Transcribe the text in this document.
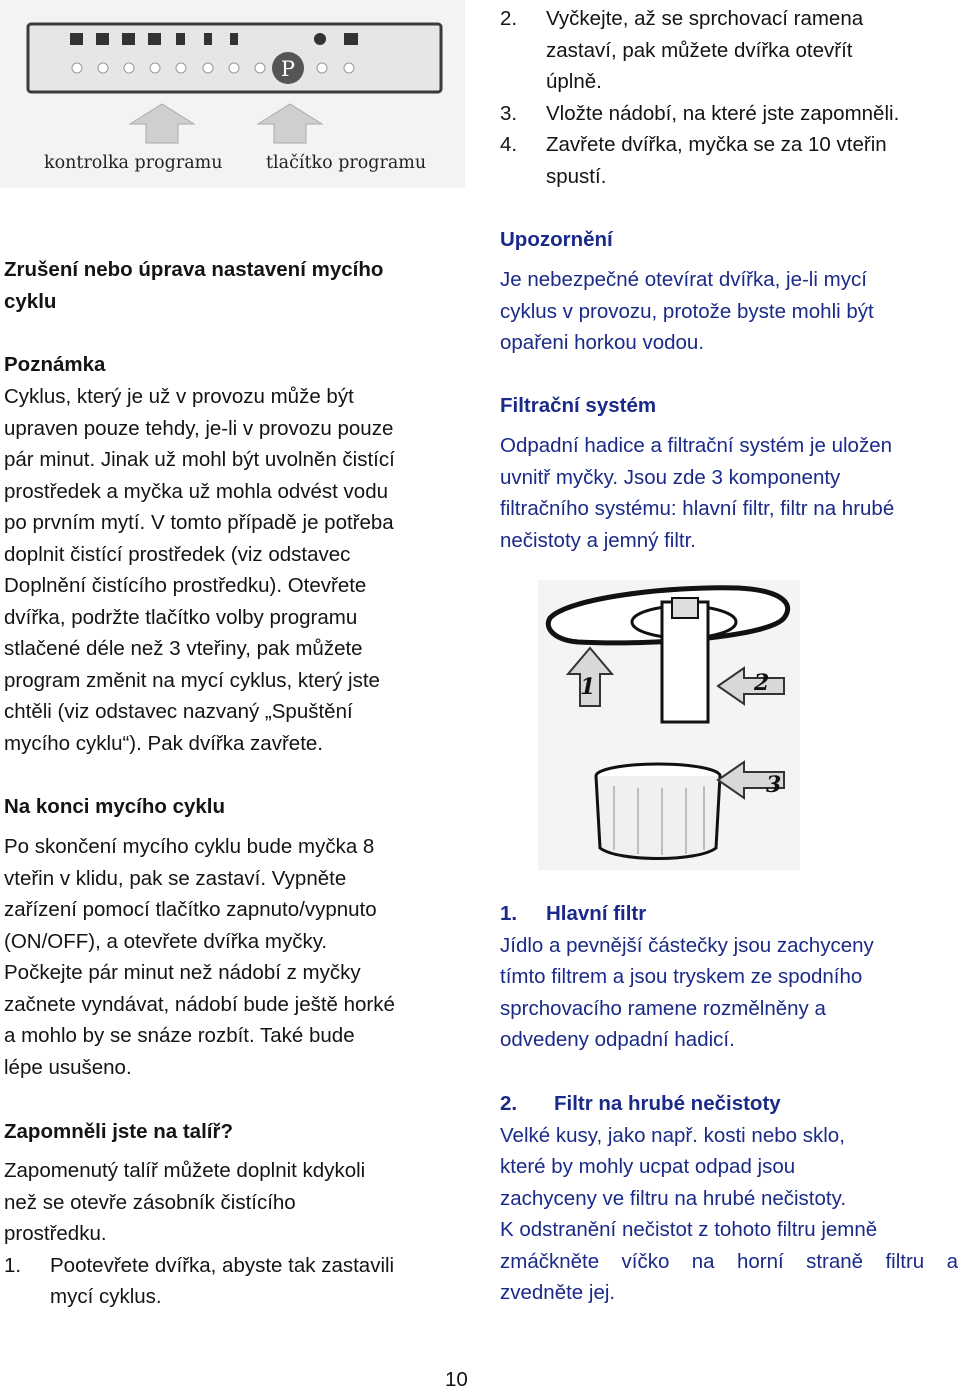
P
kontrolka programu tlačítko programu
Zrušení nebo úprava nastavení mycího
cyklu
Poznámka
Cyklus, který je už v provozu může být
upraven pouze tehdy, je-li v provozu pouze
pár minut. Jinak už mohl být uvolněn čistící
prostředek a myčka už mohla odvést vodu
po prvním mytí. V tomto případě je potřeba
doplnit čistící prostředek (viz odstavec
Doplnění čistícího prostředku). Otevřete
dvířka, podržte tlačítko volby programu
stlačené déle než 3 vteřiny, pak můžete
program změnit na mycí cyklus, který jste
chtěli (viz odstavec nazvaný „Spuštění
mycího cyklu“). Pak dvířka zavřete.
Na konci mycího cyklu
Po skončení mycího cyklu bude myčka 8
vteřin v klidu, pak se zastaví. Vypněte
zařízení pomocí tlačítko zapnuto/vypnuto
(ON/OFF), a otevřete dvířka myčky.
Počkejte pár minut než nádobí z myčky
začnete vyndávat, nádobí bude ještě horké
a mohlo by se snáze rozbít. Také bude
lépe usušeno.
Zapomněli jste na talíř?
Zapomenutý talíř můžete doplnit kdykoli
než se otevře zásobník čistícího
prostředku.
1. Pootevřete dvířka, abyste tak zastavili
mycí cyklus.
2. Vyčkejte, až se sprchovací ramena
zastaví, pak můžete dvířka otevřít
úplně.
3. Vložte nádobí, na které jste zapomněli.
4. Zavřete dvířka, myčka se za 10 vteřin
spustí.
Upozornění
Je nebezpečné otevírat dvířka, je-li mycí
cyklus v provozu, protože byste mohli být
opařeni horkou vodou.
Filtrační systém
Odpadní hadice a filtrační systém je uložen
uvnitř myčky. Jsou zde 3 komponenty
filtračního systému: hlavní filtr, filtr na hrubé
nečistoty a jemný filtr.
1	2
3
1. Hlavní filtr
Jídlo a pevnější částečky jsou zachyceny
tímto filtrem a jsou tryskem ze spodního
sprchovacího ramene rozmělněny a
odvedeny odpadní hadicí.
2. Filtr na hrubé nečistoty
Velké kusy, jako např. kosti nebo sklo,
které by mohly ucpat odpad jsou
zachyceny ve filtru na hrubé nečistoty.
K odstranění nečistot z tohoto filtru jemně
zmáčkněte víčko na horní straně filtru a
zvedněte jej.
10
